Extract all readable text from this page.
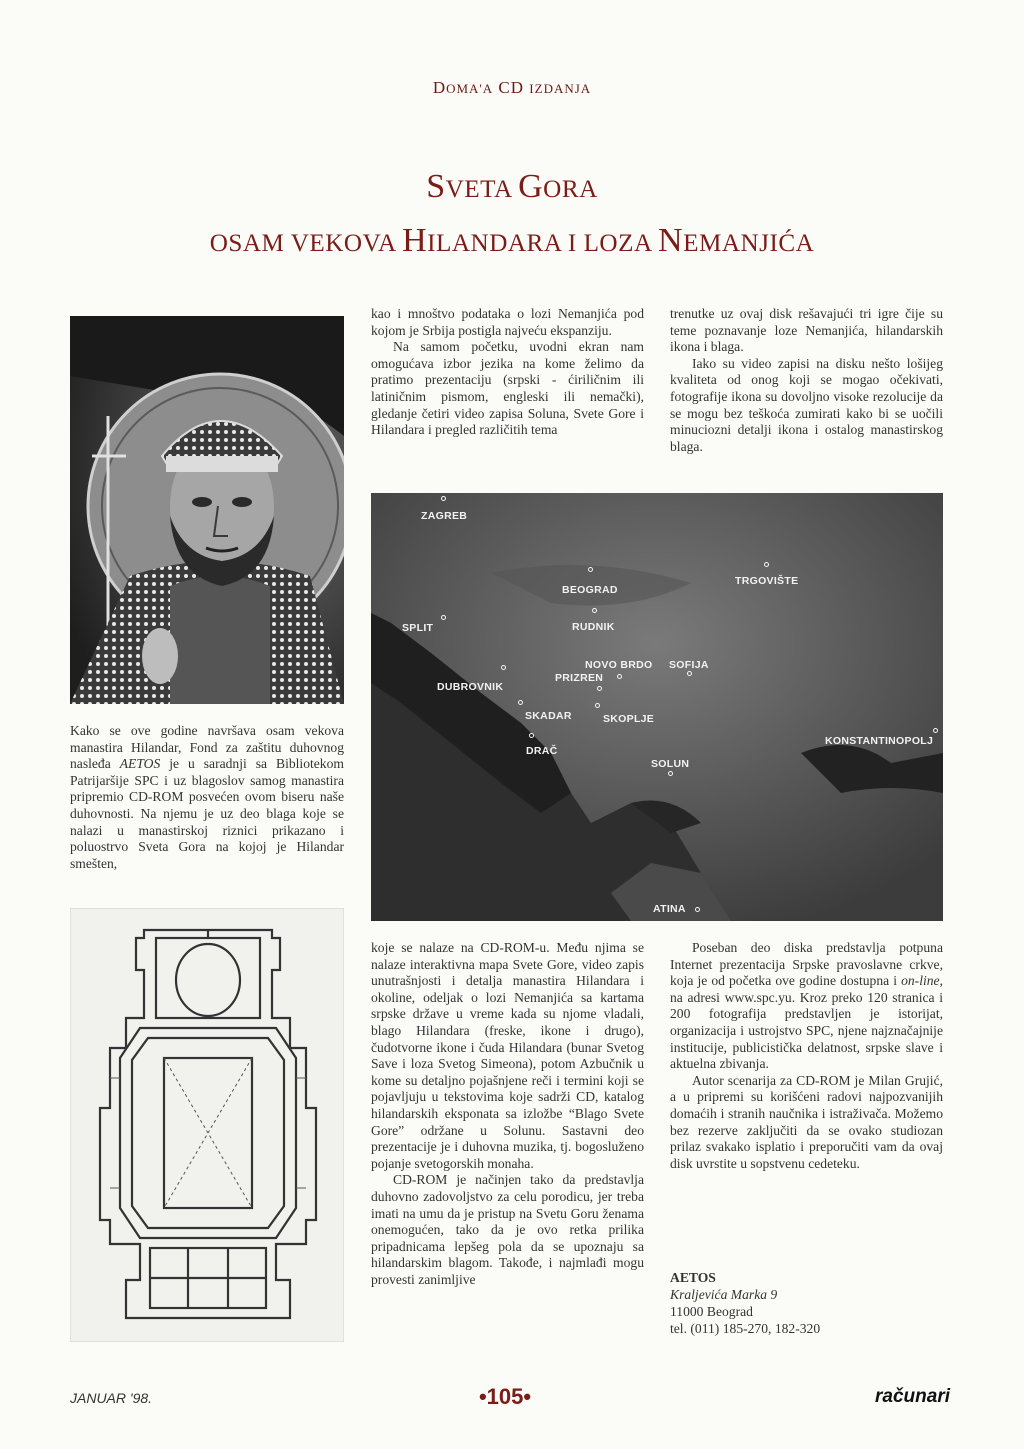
DOMA'A CD IZDANJA
SVETA GORA
OSAM VEKOVA HILANDARA I LOZA NEMANJIĆA

Kako se ove godine navršava osam vekova manastira Hilandar, Fond za zaštitu duhovnog nasleđa AETOS je u saradnji sa Bibliotekom Patrijaršije SPC i uz blagoslov samog manastira pripremio CD-ROM posvećen ovom biseru naše duhovnosti. Na njemu je uz deo blaga koje se nalazi u manastirskoj riznici prikazano i poluostrvo Sveta Gora na kojoj je Hilandar smešten,

kao i mnoštvo podataka o lozi Nemanjića pod kojom je Srbija postigla najveću ekspanziju.

Na samom početku, uvodni ekran nam omogućava izbor jezika na kome želimo da pratimo prezentaciju (srpski - ćiriličnim ili latiničnim pismom, engleski ili nemački), gledanje četiri video zapisa Soluna, Svete Gore i Hilandara i pregled različitih tema

trenutke uz ovaj disk rešavajući tri igre čije su teme poznavanje loze Nemanjića, hilandarskih ikona i blaga.

Iako su video zapisi na disku nešto lošijeg kvaliteta od onog koji se mogao očekivati, fotografije ikona su dovoljno visoke rezolucije da se mogu bez teškoća zumirati kako bi se uočili minuciozni detalji ikona i ostalog manastirskog blaga.

ZAGREB
BEOGRAD
TRGOVIŠTE
SPLIT	RUDNIK
NOVO BRDO SOFIJA
PRIZREN
DUBROVNIK
SKADAR	SKOPLJE
DRAČ
SOLUN
KONSTANTINOPOLJ
ATINA

koje se nalaze na CD-ROM-u. Među njima se nalaze interaktivna mapa Svete Gore, video zapis unutrašnjosti i detalja manastira Hilandara i okoline, odeljak o lozi Nemanjića sa kartama srpske države u vreme kada su njome vladali, blago Hilandara (freske, ikone i drugo), čudotvorne ikone i čuda Hilandara (bunar Svetog Save i loza Svetog Simeona), potom Azbučnik u kome su detaljno pojašnjene reči i termini koji se pojavljuju u tekstovima koje sadrži CD, katalog hilandarskih eksponata sa izložbe “Blago Svete Gore” održane u Solunu. Sastavni deo prezentacije je i duhovna muzika, tj. bogosluženo pojanje svetogorskih monaha.

CD-ROM je načinjen tako da predstavlja duhovno zadovoljstvo za celu porodicu, jer treba imati na umu da je pristup na Svetu Goru ženama onemogućen, tako da je ovo retka prilika pripadnicama lepšeg pola da se upoznaju sa hilandarskim blagom. Takođe, i najmlađi mogu provesti zanimljive

Poseban deo diska predstavlja potpuna Internet prezentacija Srpske pravoslavne crkve, koja je od početka ove godine dostupna i on-line, na adresi www.spc.yu. Kroz preko 120 stranica i 200 fotografija predstavljen je istorijat, organizacija i ustrojstvo SPC, njene najznačajnije institucije, publicistička delatnost, srpske slave i aktuelna zbivanja.

Autor scenarija za CD-ROM je Milan Grujić, a u pripremi su korišćeni radovi najpozvanijih domaćih i stranih naučnika i istraživača. Možemo bez rezerve zaključiti da se ovako studiozan prilaz svakako isplatio i preporučiti vam da ovaj disk uvrstite u sopstvenu cedeteku.

AETOS
Kraljevića Marka 9
11000 Beograd
tel. (011) 185-270, 182-320
JANUAR '98.	•105•	računari
